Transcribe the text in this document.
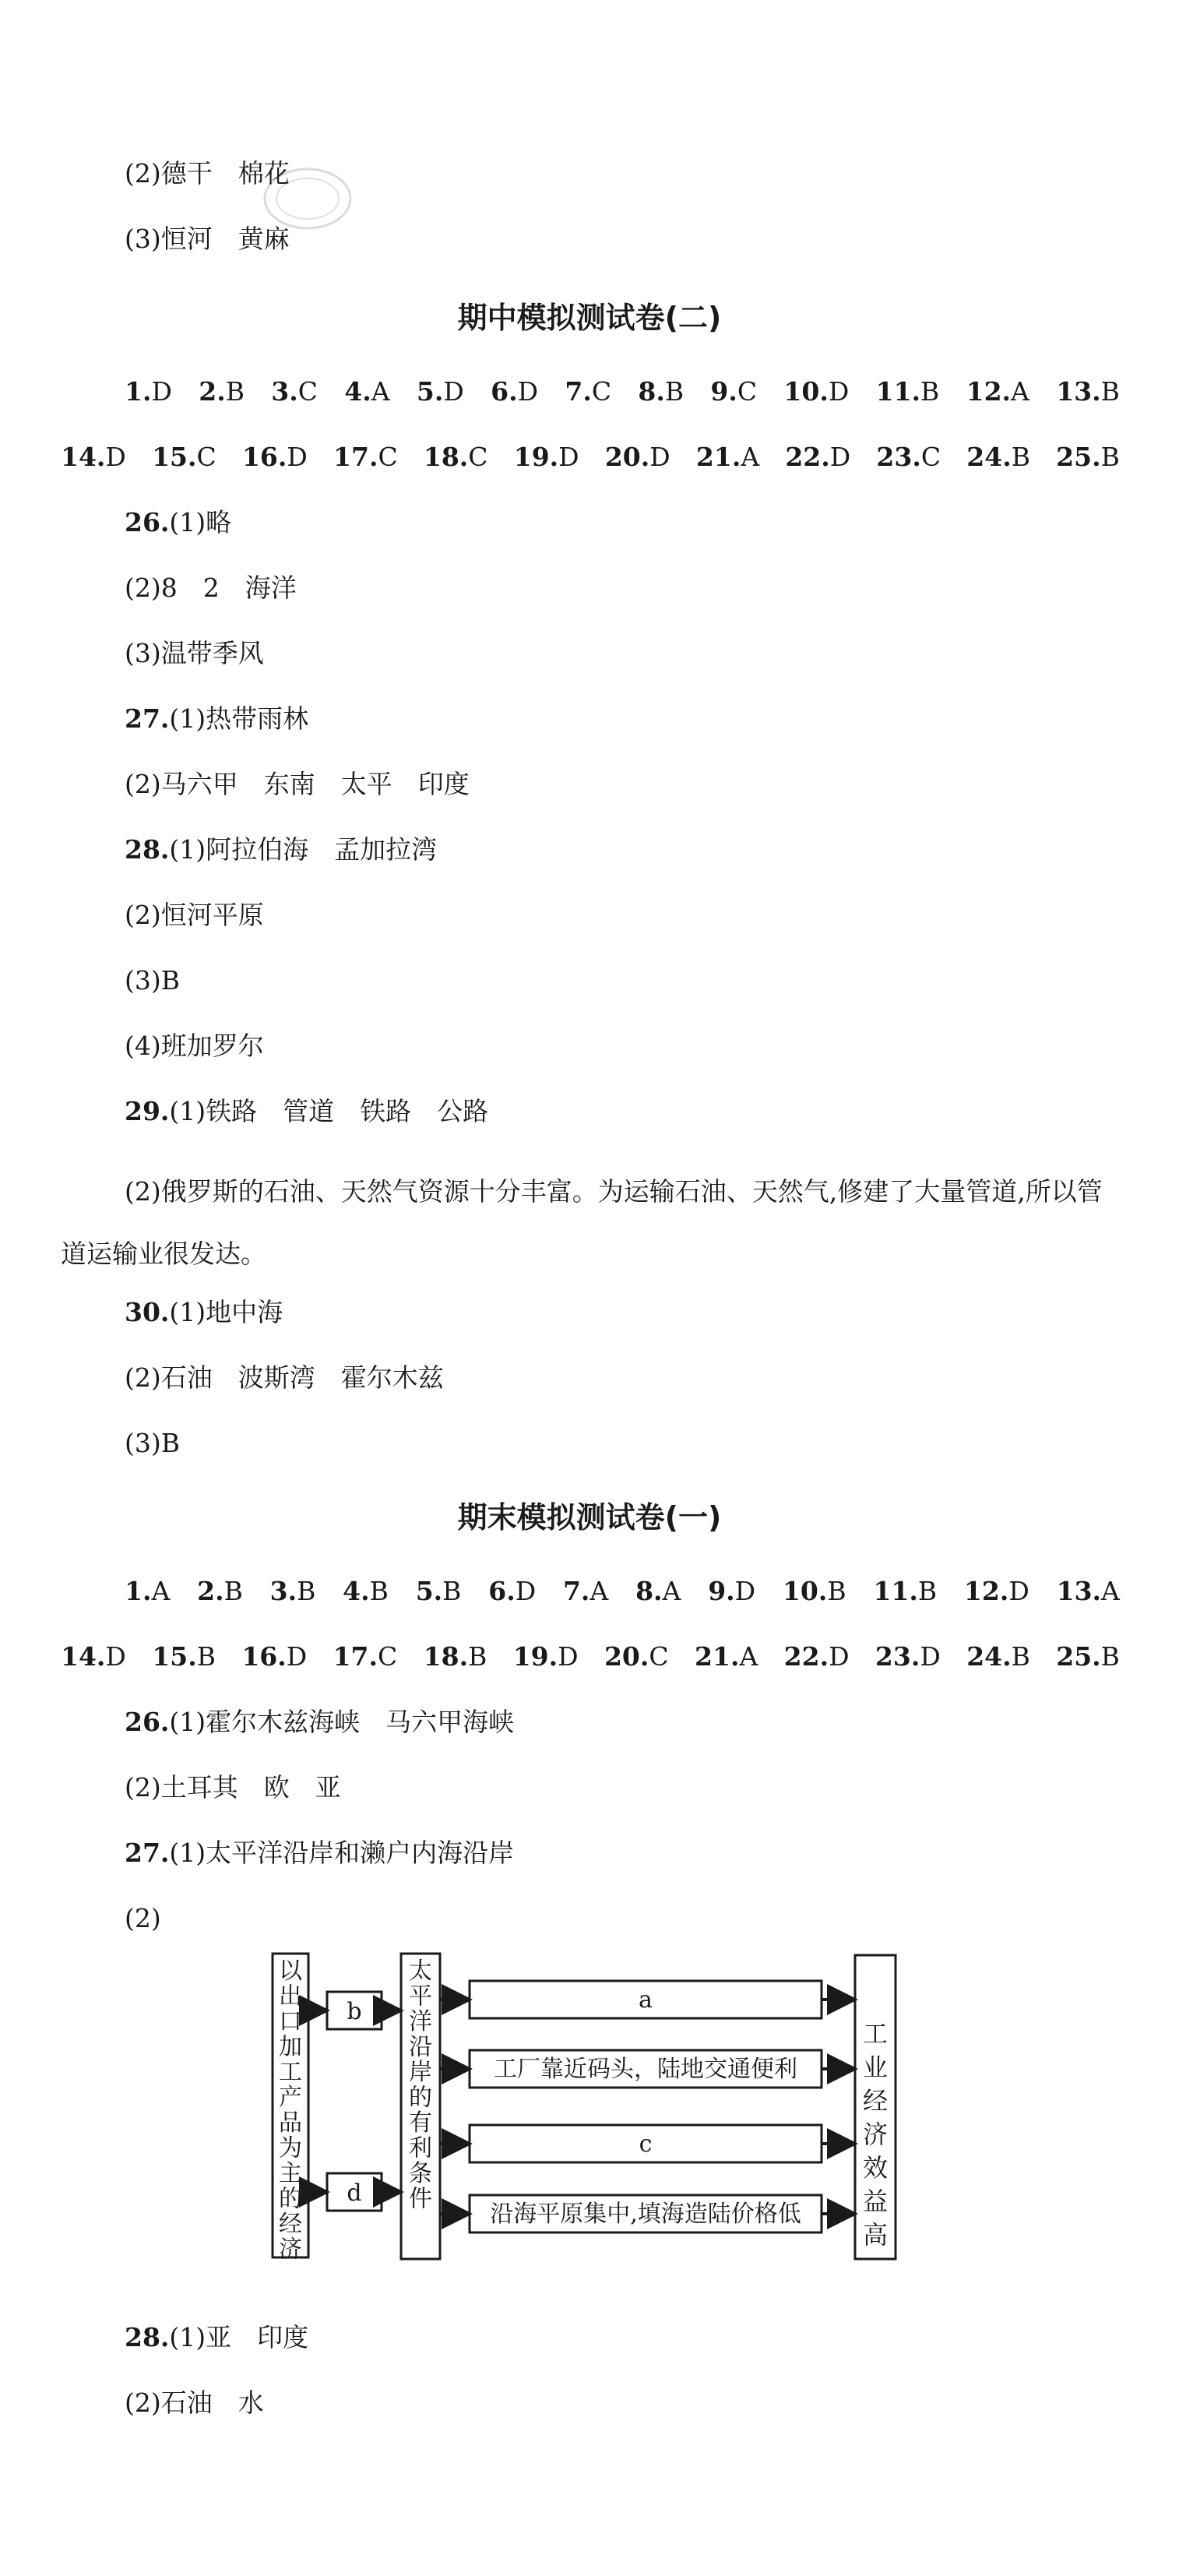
(2)德干　棉花
(3)恒河　黄麻
期中模拟测试卷(二)
1.D 2.B 3.C 4.A 5.D 6.D 7.C 8.B 9.C 10.D 11.B 12.A 13.B
14.D 15.C 16.D 17.C 18.C 19.D 20.D 21.A 22.D 23.C 24.B 25.B
26.(1)略
(2)8　2　海洋
(3)温带季风
27.(1)热带雨林
(2)马六甲　东南　太平　印度
28.(1)阿拉伯海　孟加拉湾
(2)恒河平原
(3)B
(4)班加罗尔
29.(1)铁路　管道　铁路　公路
(2)俄罗斯的石油、天然气资源十分丰富。为运输石油、天然气,修建了大量管道,所以管道运输业很发达。
30.(1)地中海
(2)石油　波斯湾　霍尔木兹
(3)B
期末模拟测试卷(一)
1.A 2.B 3.B 4.B 5.B 6.D 7.A 8.A 9.D 10.B 11.B 12.D 13.A
14.D 15.B 16.D 17.C 18.B 19.D 20.C 21.A 22.D 23.D 24.B 25.B
26.(1)霍尔木兹海峡　马六甲海峡
(2)土耳其　欧　亚
27.(1)太平洋沿岸和濑户内海沿岸
(2)
以出口加工产品为主的经济
太平洋沿岸的有利条件
工业经济效益高
b
d
a
工厂靠近码头，陆地交通便利
c
沿海平原集中,填海造陆价格低
28.(1)亚　印度
(2)石油　水
